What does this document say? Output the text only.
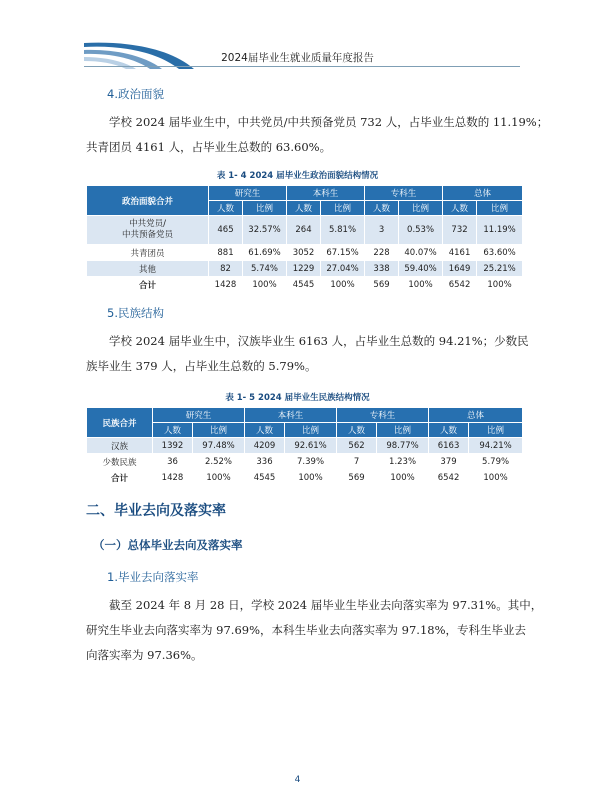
2024届毕业生就业质量年度报告
4.政治面貌
学校 2024 届毕业生中，中共党员/中共预备党员 732 人，占毕业生总数的 11.19%；
共青团员 4161 人，占毕业生总数的 63.60%。
表 1- 4 2024 届毕业生政治面貌结构情况
政治面貌合并	研究生		本科生		专科生		总体	
	人数	比例	人数	比例	人数	比例	人数	比例
中共党员/
中共预备党员	465	32.57%	264	5.81%	3	0.53%	732	11.19%
共青团员	881	61.69%	3052	67.15%	228	40.07%	4161	63.60%
其他	82	5.74%	1229	27.04%	338	59.40%	1649	25.21%
合计	1428	100%	4545	100%	569	100%	6542	100%
5.民族结构
学校 2024 届毕业生中，汉族毕业生 6163 人，占毕业生总数的 94.21%；少数民
族毕业生 379 人，占毕业生总数的 5.79%。
表 1- 5 2024 届毕业生民族结构情况
民族合并	研究生		本科生		专科生		总体	
	人数	比例	人数	比例	人数	比例	人数	比例
汉族	1392	97.48%	4209	92.61%	562	98.77%	6163	94.21%
少数民族	36	2.52%	336	7.39%	7	1.23%	379	5.79%
合计	1428	100%	4545	100%	569	100%	6542	100%
二、毕业去向及落实率
（一）总体毕业去向及落实率
1.毕业去向落实率
截至 2024 年 8 月 28 日，学校 2024 届毕业生毕业去向落实率为 97.31%。其中，
研究生毕业去向落实率为 97.69%，本科生毕业去向落实率为 97.18%，专科生毕业去
向落实率为 97.36%。
4
